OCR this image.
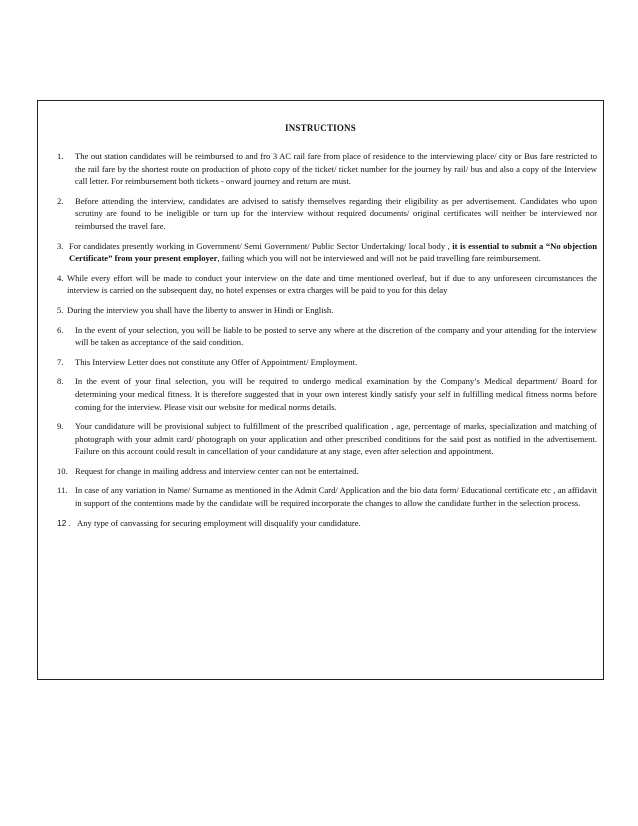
INSTRUCTIONS
1.	The out station candidates will be reimbursed to and fro 3 AC rail fare from place of residence to the interviewing place/ city or Bus fare restricted to the rail fare by the shortest route on production of photo copy of the ticket/ ticket number for the journey by rail/ bus and also a copy of the Interview call letter. For reimbursement both tickets - onward journey and return are must.
2.	Before attending the interview, candidates are advised to satisfy themselves regarding their eligibility as per advertisement. Candidates who upon scrutiny are found to be ineligible or turn up for the interview without required documents/ original certificates will neither be interviewed nor reimbursed the travel fare.
3. For candidates presently working in Government/ Semi Government/ Public Sector Undertaking/ local body , it is essential to submit a “No objection Certificate” from your present employer, failing which you will not be interviewed and will not be paid travelling fare reimbursement.
4. While every effort will be made to conduct your interview on the date and time mentioned overleaf, but if due to any unforeseen circumstances the interview is carried on the subsequent day, no hotel expenses or extra charges will be paid to you for this delay
5. During the interview you shall have the liberty to answer in Hindi or English.
6.	In the event of your selection, you will be liable to be posted to serve any where at the discretion of the company and your attending for the interview will be taken as acceptance of the said condition.
7.	This Interview Letter does not constitute any Offer of Appointment/ Employment.
8.	In the event of your final selection, you will be required to undergo medical examination by the Company’s Medical department/ Board for determining your medical fitness. It is therefore suggested that in your own interest kindly satisfy your self in fulfilling medical fitness norms before coming for the interview. Please visit our website for medical norms details.
9.	Your candidature will be provisional subject to fulfillment of the prescribed qualification , age, percentage of marks, specialization and matching of photograph with your admit card/ photograph on your application and other prescribed conditions for the said post as notified in the advertisement. Failure on this account could result in cancellation of your candidature at any stage, even after selection and appointment.
10. Request for change in mailing address and interview center can not be entertained.
11. In case of any variation in Name/ Surname as mentioned in the Admit Card/ Application and the bio data form/ Educational certificate etc , an affidavit in support of the contentions made by the candidate will be required incorporate the changes to allow the candidate further in the selection process.
12 . Any type of canvassing for securing employment will disqualify your candidature.
